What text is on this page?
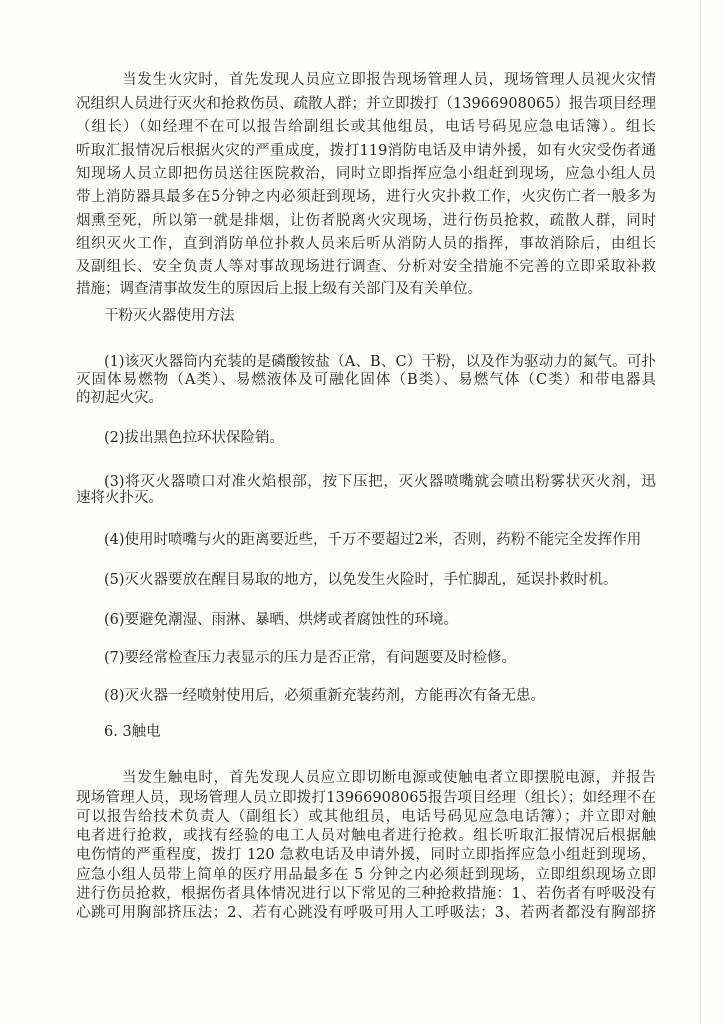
当发生火灾时，首先发现人员应立即报告现场管理人员，现场管理人员视火灾情
况组织人员进行灭火和抢救伤员、疏散人群；并立即拨打（13966908065）报告项目经理
（组长）（如经理不在可以报告给副组长或其他组员，电话号码见应急电话簿）。组长
听取汇报情况后根据火灾的严重成度，拨打119消防电话及申请外援，如有火灾受伤者通
知现场人员立即把伤员送往医院救治，同时立即指挥应急小组赶到现场，应急小组人员
带上消防器具最多在5分钟之内必须赶到现场，进行火灾扑救工作，火灾伤亡者一般多为
烟熏至死，所以第一就是排烟，让伤者脱离火灾现场，进行伤员抢救，疏散人群，同时
组织灭火工作，直到消防单位扑救人员来后听从消防人员的指挥，事故消除后，由组长
及副组长、安全负责人等对事故现场进行调查、分析对安全措施不完善的立即采取补救
措施；调查清事故发生的原因后上报上级有关部门及有关单位。
干粉灭火器使用方法
(1)该灭火器筒内充装的是磷酸铵盐（A、B、C）干粉，以及作为驱动力的氮气。可扑
灭固体易燃物（A类）、易燃液体及可融化固体（B类）、易燃气体（C类）和带电器具
的初起火灾。
(2)拔出黑色拉环状保险销。
(3)将灭火器喷口对准火焰根部，按下压把，灭火器喷嘴就会喷出粉雾状灭火剂，迅
速将火扑灭。
(4)使用时喷嘴与火的距离要近些，千万不要超过2米，否则，药粉不能完全发挥作用
(5)灭火器要放在醒目易取的地方，以免发生火险时，手忙脚乱，延误扑救时机。
(6)要避免潮湿、雨淋、暴晒、烘烤或者腐蚀性的环境。
(7)要经常检查压力表显示的压力是否正常，有问题要及时检修。
(8)灭火器一经喷射使用后，必须重新充装药剂，方能再次有备无患。
6. 3触电
当发生触电时，首先发现人员应立即切断电源或使触电者立即摆脱电源，并报告
现场管理人员，现场管理人员立即拨打13966908065报告项目经理（组长）；如经理不在
可以报告给技术负责人（副组长）或其他组员，电话号码见应急电话簿）；并立即对触
电者进行抢救，或找有经验的电工人员对触电者进行抢救。组长听取汇报情况后根据触
电伤情的严重程度，拨打 120 急救电话及申请外援，同时立即指挥应急小组赶到现场，
应急小组人员带上简单的医疗用品最多在 5 分钟之内必须赶到现场，立即组织现场立即
进行伤员抢救，根据伤者具体情况进行以下常见的三种抢救措施：1、若伤者有呼吸没有
心跳可用胸部挤压法；2、若有心跳没有呼吸可用人工呼吸法；3、若两者都没有胸部挤
